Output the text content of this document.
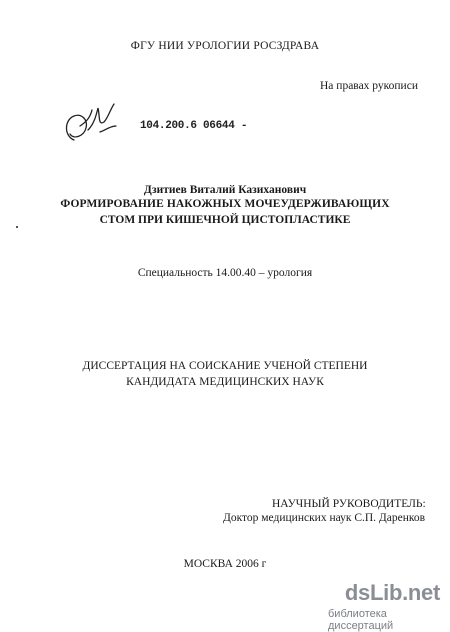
ФГУ НИИ УРОЛОГИИ РОСЗДРАВА
На правах рукописи
104.200.6 06644 -
Дзитиев Виталий Казиханович
ФОРМИРОВАНИЕ НАКОЖНЫХ МОЧЕУДЕРЖИВАЮЩИХ
СТОМ ПРИ КИШЕЧНОЙ ЦИСТОПЛАСТИКЕ
Специальность 14.00.40 – урология
ДИССЕРТАЦИЯ НА СОИСКАНИЕ УЧЕНОЙ СТЕПЕНИ
КАНДИДАТА МЕДИЦИНСКИХ НАУК
НАУЧНЫЙ РУКОВОДИТЕЛЬ:
Доктор медицинских наук С.П. Даренков
МОСКВА 2006 г
dsLib.net
библиотека диссертаций
